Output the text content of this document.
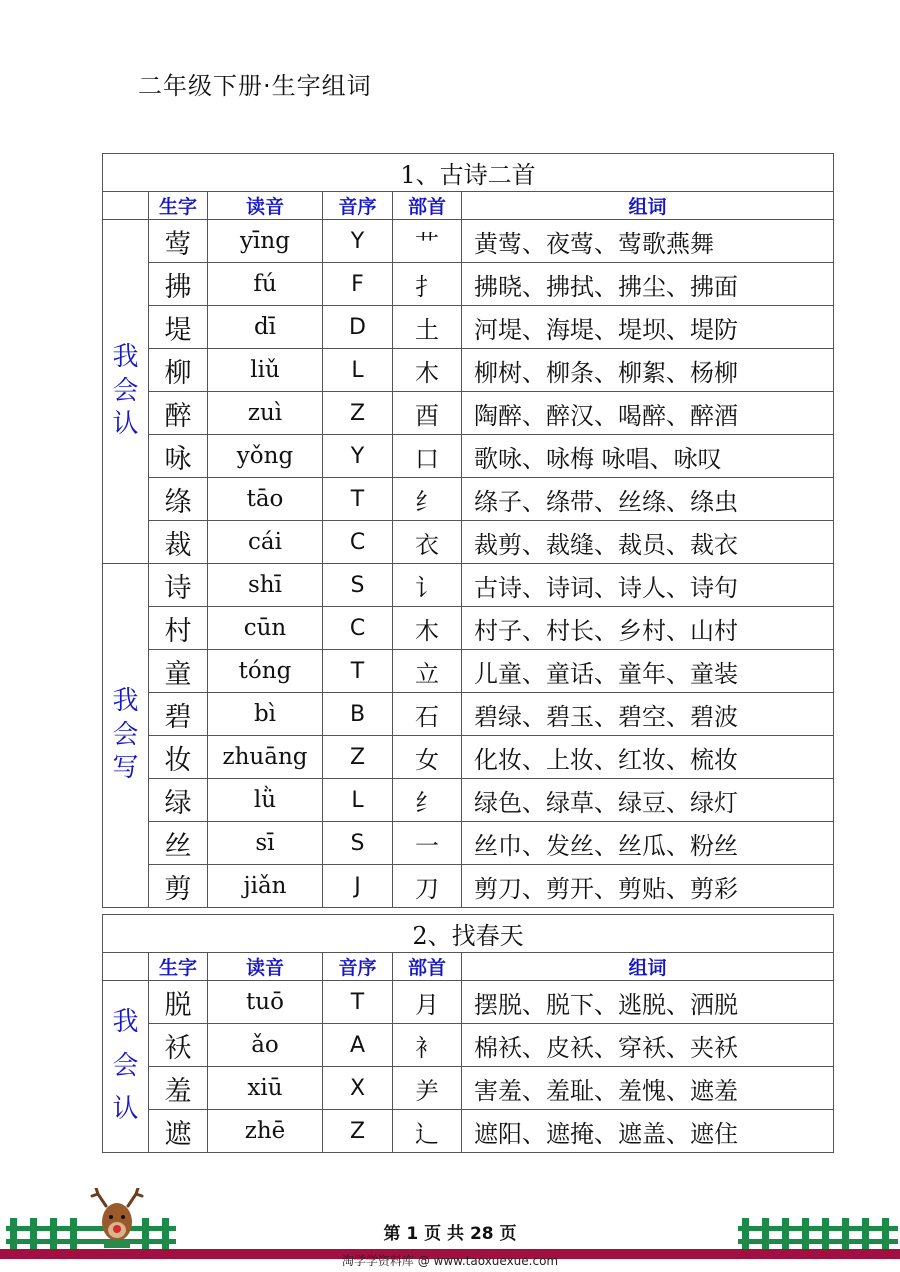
二年级下册·生字组词
1、古诗二首					
	生字	读音	音序	部首	组词

我
会
认	莺	yīng	Y	艹	黄莺、夜莺、莺歌燕舞
	拂	fú	F	扌	拂晓、拂拭、拂尘、拂面
	堤	dī	D	土	河堤、海堤、堤坝、堤防
	柳	liǔ	L	木	柳树、柳条、柳絮、杨柳
	醉	zuì	Z	酉	陶醉、醉汉、喝醉、醉酒
	咏	yǒng	Y	口	歌咏、咏梅 咏唱、咏叹
	绦	tāo	T	纟	绦子、绦带、丝绦、绦虫
	裁	cái	C	衣	裁剪、裁缝、裁员、裁衣

我
会
写	诗	shī	S	讠	古诗、诗词、诗人、诗句
	村	cūn	C	木	村子、村长、乡村、山村
	童	tóng	T	立	儿童、童话、童年、童装
	碧	bì	B	石	碧绿、碧玉、碧空、碧波
	妆	zhuāng	Z	女	化妆、上妆、红妆、梳妆
	绿	lǜ	L	纟	绿色、绿草、绿豆、绿灯
	丝	sī	S	一	丝巾、发丝、丝瓜、粉丝
	剪	jiǎn	J	刀	剪刀、剪开、剪贴、剪彩
2、找春天					
	生字	读音	音序	部首	组词

我
会
认	脱	tuō	T	月	摆脱、脱下、逃脱、洒脱
	袄	ǎo	A	衤	棉袄、皮袄、穿袄、夹袄
	羞	xiū	X	⺶	害羞、羞耻、羞愧、遮羞
	遮	zhē	Z	辶	遮阳、遮掩、遮盖、遮住
第 1 页 共 28 页
淘学学资料库 @ www.taoxuexue.com
